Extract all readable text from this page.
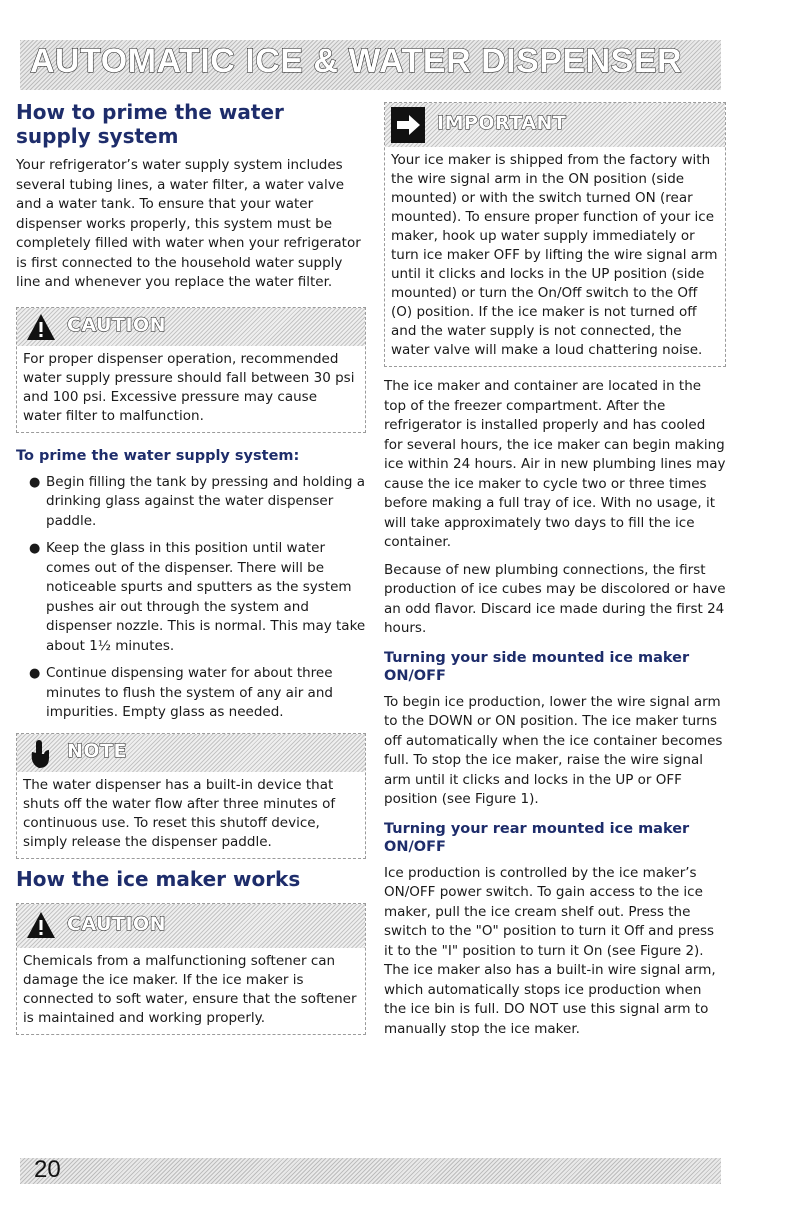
AUTOMATIC ICE & WATER DISPENSER
How to prime the water supply system

Your refrigerator’s water supply system includes several tubing lines, a water filter, a water valve and a water tank. To ensure that your water dispenser works properly, this system must be completely filled with water when your refrigerator is first connected to the household water supply line and whenever you replace the water filter.

CAUTION
For proper dispenser operation, recommended water supply pressure should fall between 30 psi and 100 psi. Excessive pressure may cause water filter to malfunction.
To prime the water supply system:
● Begin filling the tank by pressing and holding a drinking glass against the water dispenser paddle.
● Keep the glass in this position until water comes out of the dispenser. There will be noticeable spurts and sputters as the system pushes air out through the system and dispenser nozzle. This is normal. This may take about 1½ minutes.
● Continue dispensing water for about three minutes to flush the system of any air and impurities. Empty glass as needed.
NOTE
The water dispenser has a built-in device that shuts off the water flow after three minutes of continuous use. To reset this shutoff device, simply release the dispenser paddle.
How the ice maker works
CAUTION
Chemicals from a malfunctioning softener can damage the ice maker. If the ice maker is connected to soft water, ensure that the softener is maintained and working properly.
IMPORTANT
Your ice maker is shipped from the factory with the wire signal arm in the ON position (side mounted) or with the switch turned ON (rear mounted). To ensure proper function of your ice maker, hook up water supply immediately or turn ice maker OFF by lifting the wire signal arm until it clicks and locks in the UP position (side mounted) or turn the On/Off switch to the Off (O) position. If the ice maker is not turned off and the water supply is not connected, the water valve will make a loud chattering noise.

The ice maker and container are located in the top of the freezer compartment. After the refrigerator is installed properly and has cooled for several hours, the ice maker can begin making ice within 24 hours. Air in new plumbing lines may cause the ice maker to cycle two or three times before making a full tray of ice. With no usage, it will take approximately two days to fill the ice container.

Because of new plumbing connections, the first production of ice cubes may be discolored or have an odd flavor. Discard ice made during the first 24 hours.

Turning your side mounted ice maker ON/OFF

To begin ice production, lower the wire signal arm to the DOWN or ON position. The ice maker turns off automatically when the ice container becomes full. To stop the ice maker, raise the wire signal arm until it clicks and locks in the UP or OFF position (see Figure 1).

Turning your rear mounted ice maker ON/OFF

Ice production is controlled by the ice maker’s ON/OFF power switch. To gain access to the ice maker, pull the ice cream shelf out. Press the switch to the "O" position to turn it Off and press it to the "I" position to turn it On (see Figure 2). The ice maker also has a built-in wire signal arm, which automatically stops ice production when the ice bin is full. DO NOT use this signal arm to manually stop the ice maker.

20
